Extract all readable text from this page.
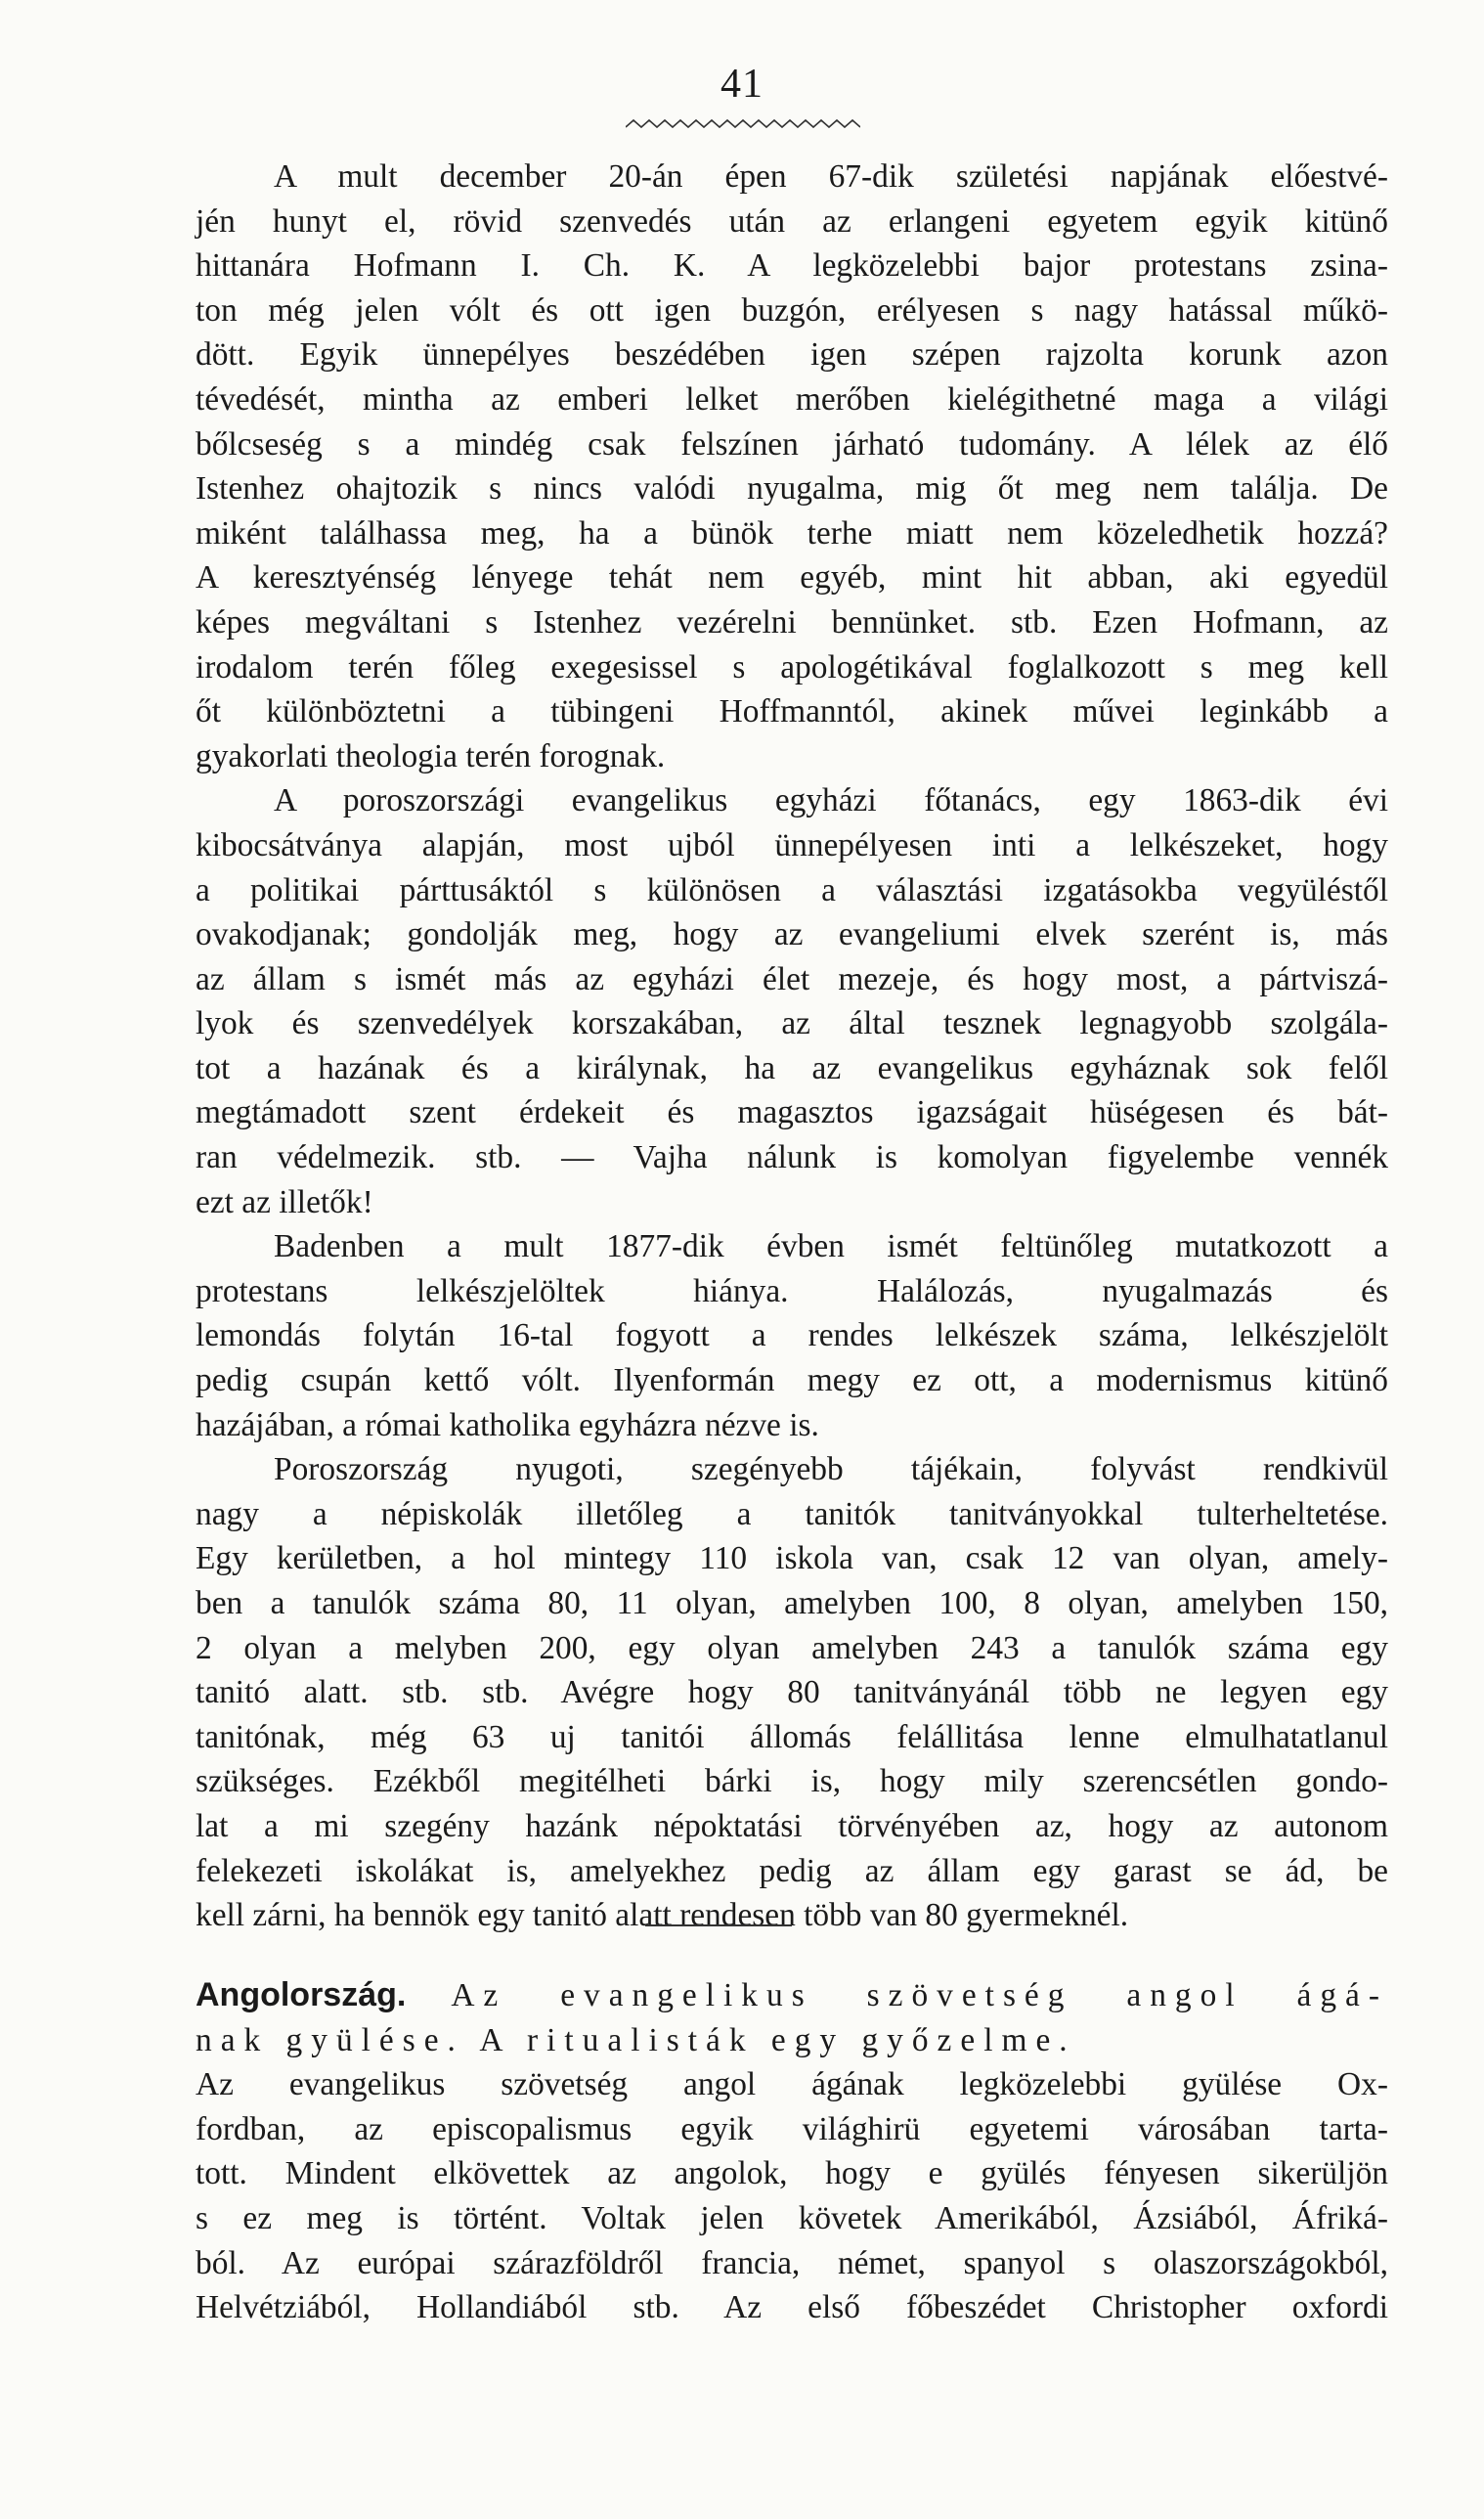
41
A mult december 20-án épen 67-dik születési napjának előestvé-
jén hunyt el, rövid szenvedés után az erlangeni egyetem egyik kitünő
hittanára Hofmann I. Ch. K. A legközelebbi bajor protestans zsina-
ton még jelen vólt és ott igen buzgón, erélyesen s nagy hatással műkö-
dött. Egyik ünnepélyes beszédében igen szépen rajzolta korunk azon
tévedését, mintha az emberi lelket merőben kielégithetné maga a világi
bőlcseség s a mindég csak felszínen járható tudomány. A lélek az élő
Istenhez ohajtozik s nincs valódi nyugalma, mig őt meg nem találja. De
miként találhassa meg, ha a bünök terhe miatt nem közeledhetik hozzá?
A keresztyénség lényege tehát nem egyéb, mint hit abban, aki egyedül
képes megváltani s Istenhez vezérelni bennünket. stb. Ezen Hofmann, az
irodalom terén főleg exegesissel s apologétikával foglalkozott s meg kell
őt különböztetni a tübingeni Hoffmanntól, akinek művei leginkább a
gyakorlati theologia terén forognak.
A poroszországi evangelikus egyházi főtanács, egy 1863-dik évi
kibocsátványa alapján, most ujból ünnepélyesen inti a lelkészeket, hogy
a politikai párttusáktól s különösen a választási izgatásokba vegyüléstől
ovakodjanak; gondolják meg, hogy az evangeliumi elvek szerént is, más
az állam s ismét más az egyházi élet mezeje, és hogy most, a pártviszá-
lyok és szenvedélyek korszakában, az által tesznek legnagyobb szolgála-
tot a hazának és a királynak, ha az evangelikus egyháznak sok felől
megtámadott szent érdekeit és magasztos igazságait hüségesen és bát-
ran védelmezik. stb. — Vajha nálunk is komolyan figyelembe vennék
ezt az illetők!
Badenben a mult 1877-dik évben ismét feltünőleg mutatkozott a
protestans lelkészjelöltek hiánya. Halálozás, nyugalmazás és
lemondás folytán 16-tal fogyott a rendes lelkészek száma, lelkészjelölt
pedig csupán kettő vólt. Ilyenformán megy ez ott, a modernismus kitünő
hazájában, a római katholika egyházra nézve is.
Poroszország nyugoti, szegényebb tájékain, folyvást rendkivül
nagy a népiskolák illetőleg a tanitók tanitványokkal tulterheltetése.
Egy kerületben, a hol mintegy 110 iskola van, csak 12 van olyan, amely-
ben a tanulók száma 80, 11 olyan, amelyben 100, 8 olyan, amelyben 150,
2 olyan a melyben 200, egy olyan amelyben 243 a tanulók száma egy
tanitó alatt. stb. stb. Avégre hogy 80 tanitványánál több ne legyen egy
tanitónak, még 63 uj tanitói állomás felállitása lenne elmulhatatlanul
szükséges. Ezékből megitélheti bárki is, hogy mily szerencsétlen gondo-
lat a mi szegény hazánk népoktatási törvényében az, hogy az autonom
felekezeti iskolákat is, amelyekhez pedig az állam egy garast se ád, be
kell zárni, ha bennök egy tanitó alatt rendesen több van 80 gyermeknél.
Angolország. Az evangelikus szövetség angol ágá-
nak gyülése. A ritualisták egy győzelme.
Az evangelikus szövetség angol ágának legközelebbi gyülése Ox-
fordban, az episcopalismus egyik világhirü egyetemi városában tarta-
tott. Mindent elkövettek az angolok, hogy e gyülés fényesen sikerüljön
s ez meg is történt. Voltak jelen követek Amerikából, Ázsiából, Áfriká-
ból. Az európai szárazföldről francia, német, spanyol s olaszországokból,
Helvétziából, Hollandiából stb. Az első főbeszédet Christopher oxfordi
